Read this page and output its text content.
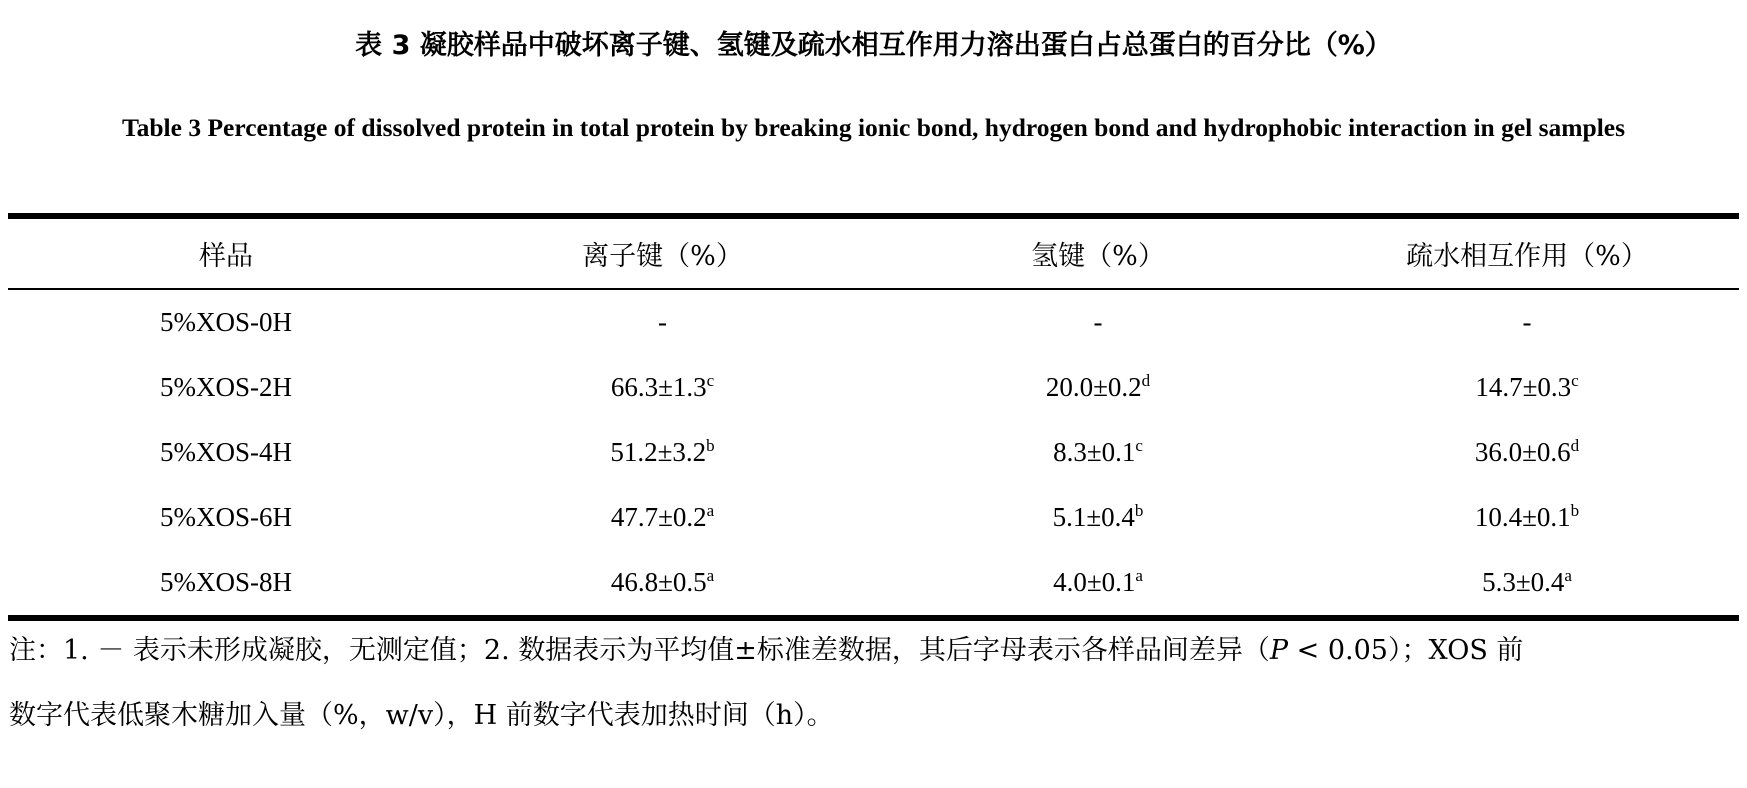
表 3 凝胶样品中破坏离子键、氢键及疏水相互作用力溶出蛋白占总蛋白的百分比（%）
Table 3 Percentage of dissolved protein in total protein by breaking ionic bond, hydrogen bond and hydrophobic interaction in gel samples
样品	离子键（%）	氢键（%）	疏水相互作用（%）
5%XOS-0H	-	-	-
5%XOS-2H	66.3±1.3$^c$	20.0±0.2$^d$	14.7±0.3$^c$
5%XOS-4H	51.2±3.2$^b$	8.3±0.1$^c$	36.0±0.6$^d$
5%XOS-6H	47.7±0.2$^a$	5.1±0.4$^b$	10.4±0.1$^b$
5%XOS-8H	46.8±0.5$^a$	4.0±0.1$^a$	5.3±0.4$^a$
注：1. － 表示未形成凝胶，无测定值；2. 数据表示为平均值±标准差数据，其后字母表示各样品间差异（P < 0.05）；XOS 前
数字代表低聚木糖加入量（%，w/v），H 前数字代表加热时间（h）。
